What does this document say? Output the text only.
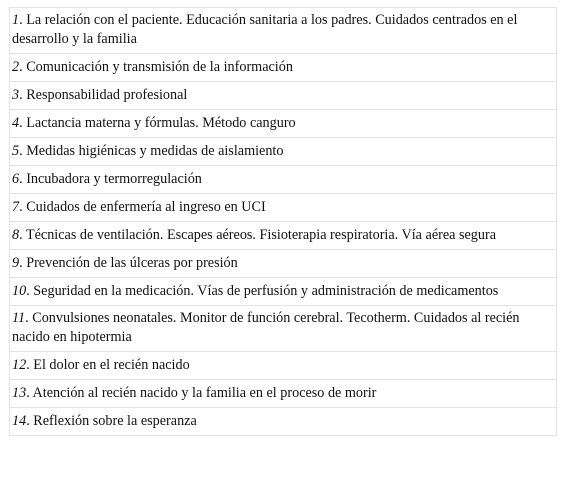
1. La relación con el paciente. Educación sanitaria a los padres. Cuidados centrados en el desarrollo y la familia
2. Comunicación y transmisión de la información
3. Responsabilidad profesional
4. Lactancia materna y fórmulas. Método canguro
5. Medidas higiénicas y medidas de aislamiento
6. Incubadora y termorregulación
7. Cuidados de enfermería al ingreso en UCI
8. Técnicas de ventilación. Escapes aéreos. Fisioterapia respiratoria. Vía aérea segura
9. Prevención de las úlceras por presión
10. Seguridad en la medicación. Vías de perfusión y administración de medicamentos
11. Convulsiones neonatales. Monitor de función cerebral. Tecotherm. Cuidados al recién nacido en hipotermia
12. El dolor en el recién nacido
13. Atención al recién nacido y la familia en el proceso de morir
14. Reflexión sobre la esperanza
